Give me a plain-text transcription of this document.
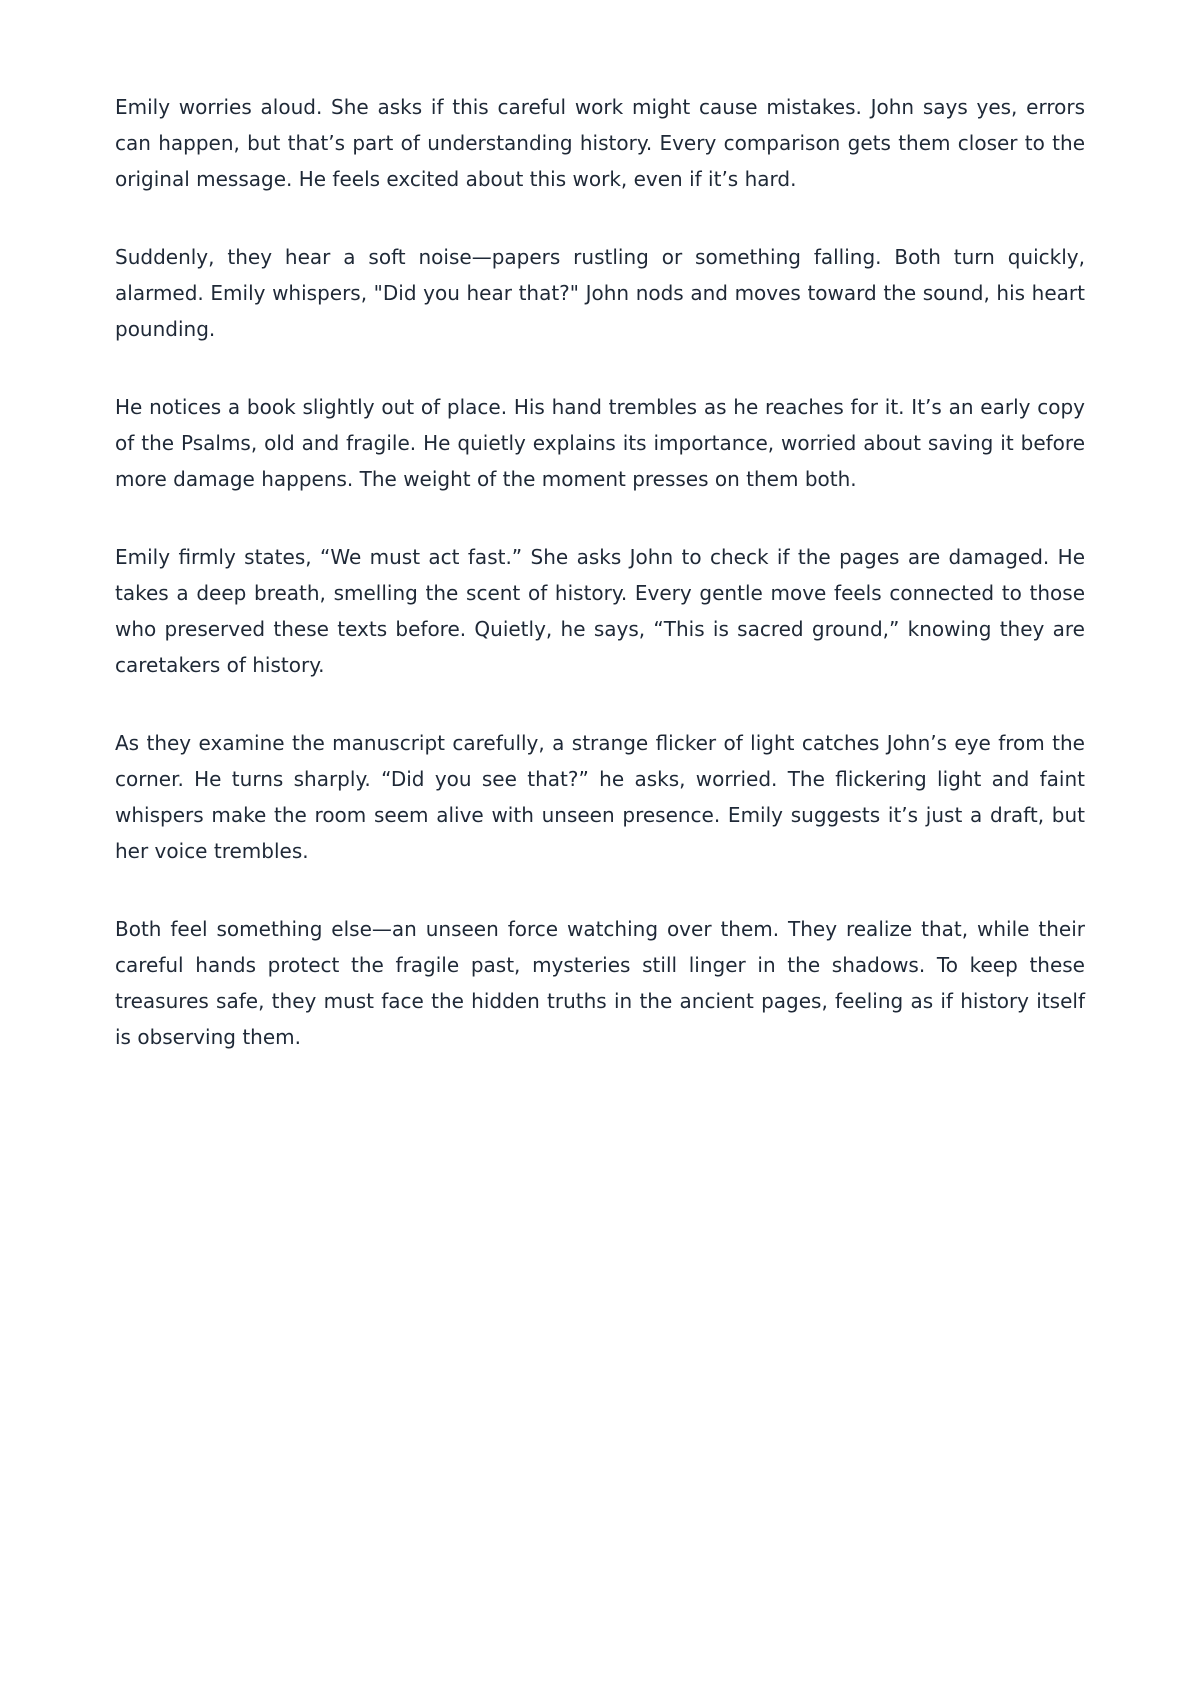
Emily worries aloud. She asks if this careful work might cause mistakes. John says yes, errors can happen, but that’s part of understanding history. Every comparison gets them closer to the original message. He feels excited about this work, even if it’s hard.

Suddenly, they hear a soft noise—papers rustling or something falling. Both turn quickly, alarmed. Emily whispers, "Did you hear that?" John nods and moves toward the sound, his heart pounding.

He notices a book slightly out of place. His hand trembles as he reaches for it. It’s an early copy of the Psalms, old and fragile. He quietly explains its importance, worried about saving it before more damage happens. The weight of the moment presses on them both.

Emily firmly states, “We must act fast.” She asks John to check if the pages are damaged. He takes a deep breath, smelling the scent of history. Every gentle move feels connected to those who preserved these texts before. Quietly, he says, “This is sacred ground,” knowing they are caretakers of history.

As they examine the manuscript carefully, a strange flicker of light catches John’s eye from the corner. He turns sharply. “Did you see that?” he asks, worried. The flickering light and faint whispers make the room seem alive with unseen presence. Emily suggests it’s just a draft, but her voice trembles.

Both feel something else—an unseen force watching over them. They realize that, while their careful hands protect the fragile past, mysteries still linger in the shadows. To keep these treasures safe, they must face the hidden truths in the ancient pages, feeling as if history itself is observing them.
